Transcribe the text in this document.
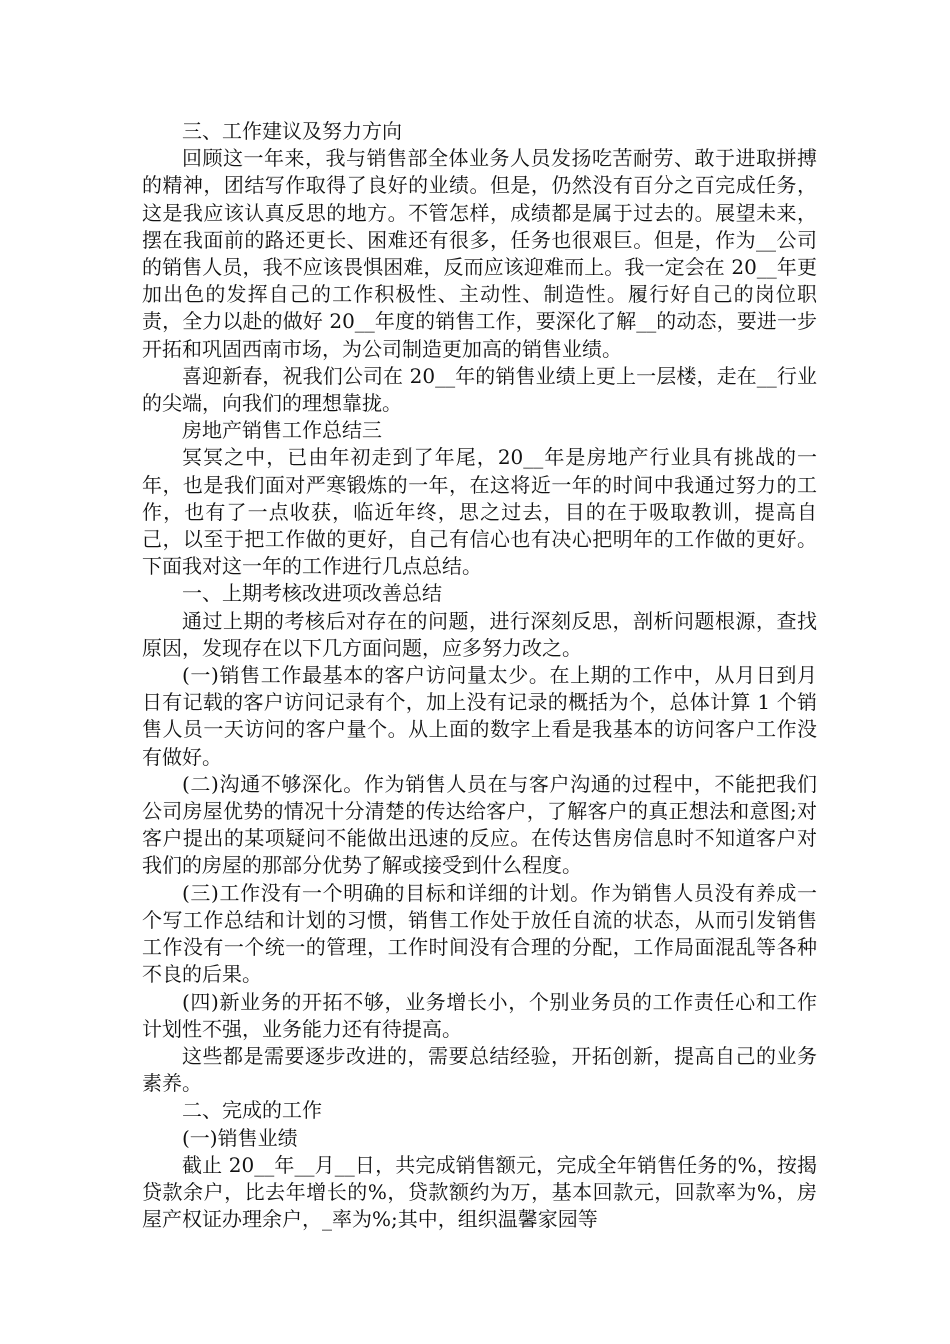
三、工作建议及努力方向

回顾这一年来，我与销售部全体业务人员发扬吃苦耐劳、敢于进取拼搏的精神，团结写作取得了良好的业绩。但是，仍然没有百分之百完成任务，这是我应该认真反思的地方。不管怎样，成绩都是属于过去的。展望未来，摆在我面前的路还更长、困难还有很多，任务也很艰巨。但是，作为__公司的销售人员，我不应该畏惧困难，反而应该迎难而上。我一定会在 20__年更加出色的发挥自己的工作积极性、主动性、制造性。履行好自己的岗位职责，全力以赴的做好 20__年度的销售工作，要深化了解__的动态，要进一步开拓和巩固西南市场，为公司制造更加高的销售业绩。

喜迎新春，祝我们公司在 20__年的销售业绩上更上一层楼，走在__行业的尖端，向我们的理想靠拢。

房地产销售工作总结三

冥冥之中，已由年初走到了年尾，20__年是房地产行业具有挑战的一年，也是我们面对严寒锻炼的一年，在这将近一年的时间中我通过努力的工作，也有了一点收获，临近年终，思之过去，目的在于吸取教训，提高自己，以至于把工作做的更好，自己有信心也有决心把明年的工作做的更好。下面我对这一年的工作进行几点总结。

一、上期考核改进项改善总结

通过上期的考核后对存在的问题，进行深刻反思，剖析问题根源，查找原因，发现存在以下几方面问题，应多努力改之。

(一)销售工作最基本的客户访问量太少。在上期的工作中，从月日到月日有记载的客户访问记录有个，加上没有记录的概括为个，总体计算 1 个销售人员一天访问的客户量个。从上面的数字上看是我基本的访问客户工作没有做好。

(二)沟通不够深化。作为销售人员在与客户沟通的过程中，不能把我们公司房屋优势的情况十分清楚的传达给客户，了解客户的真正想法和意图;对客户提出的某项疑问不能做出迅速的反应。在传达售房信息时不知道客户对我们的房屋的那部分优势了解或接受到什么程度。

(三)工作没有一个明确的目标和详细的计划。作为销售人员没有养成一个写工作总结和计划的习惯，销售工作处于放任自流的状态，从而引发销售工作没有一个统一的管理，工作时间没有合理的分配，工作局面混乱等各种不良的后果。

(四)新业务的开拓不够，业务增长小，个别业务员的工作责任心和工作计划性不强，业务能力还有待提高。

这些都是需要逐步改进的，需要总结经验，开拓创新，提高自己的业务素养。

二、完成的工作

(一)销售业绩

截止 20__年__月__日，共完成销售额元，完成全年销售任务的%，按揭贷款余户，比去年增长的%，贷款额约为万，基本回款元，回款率为%，房屋产权证办理余户，_率为%;其中，组织温馨家园等
